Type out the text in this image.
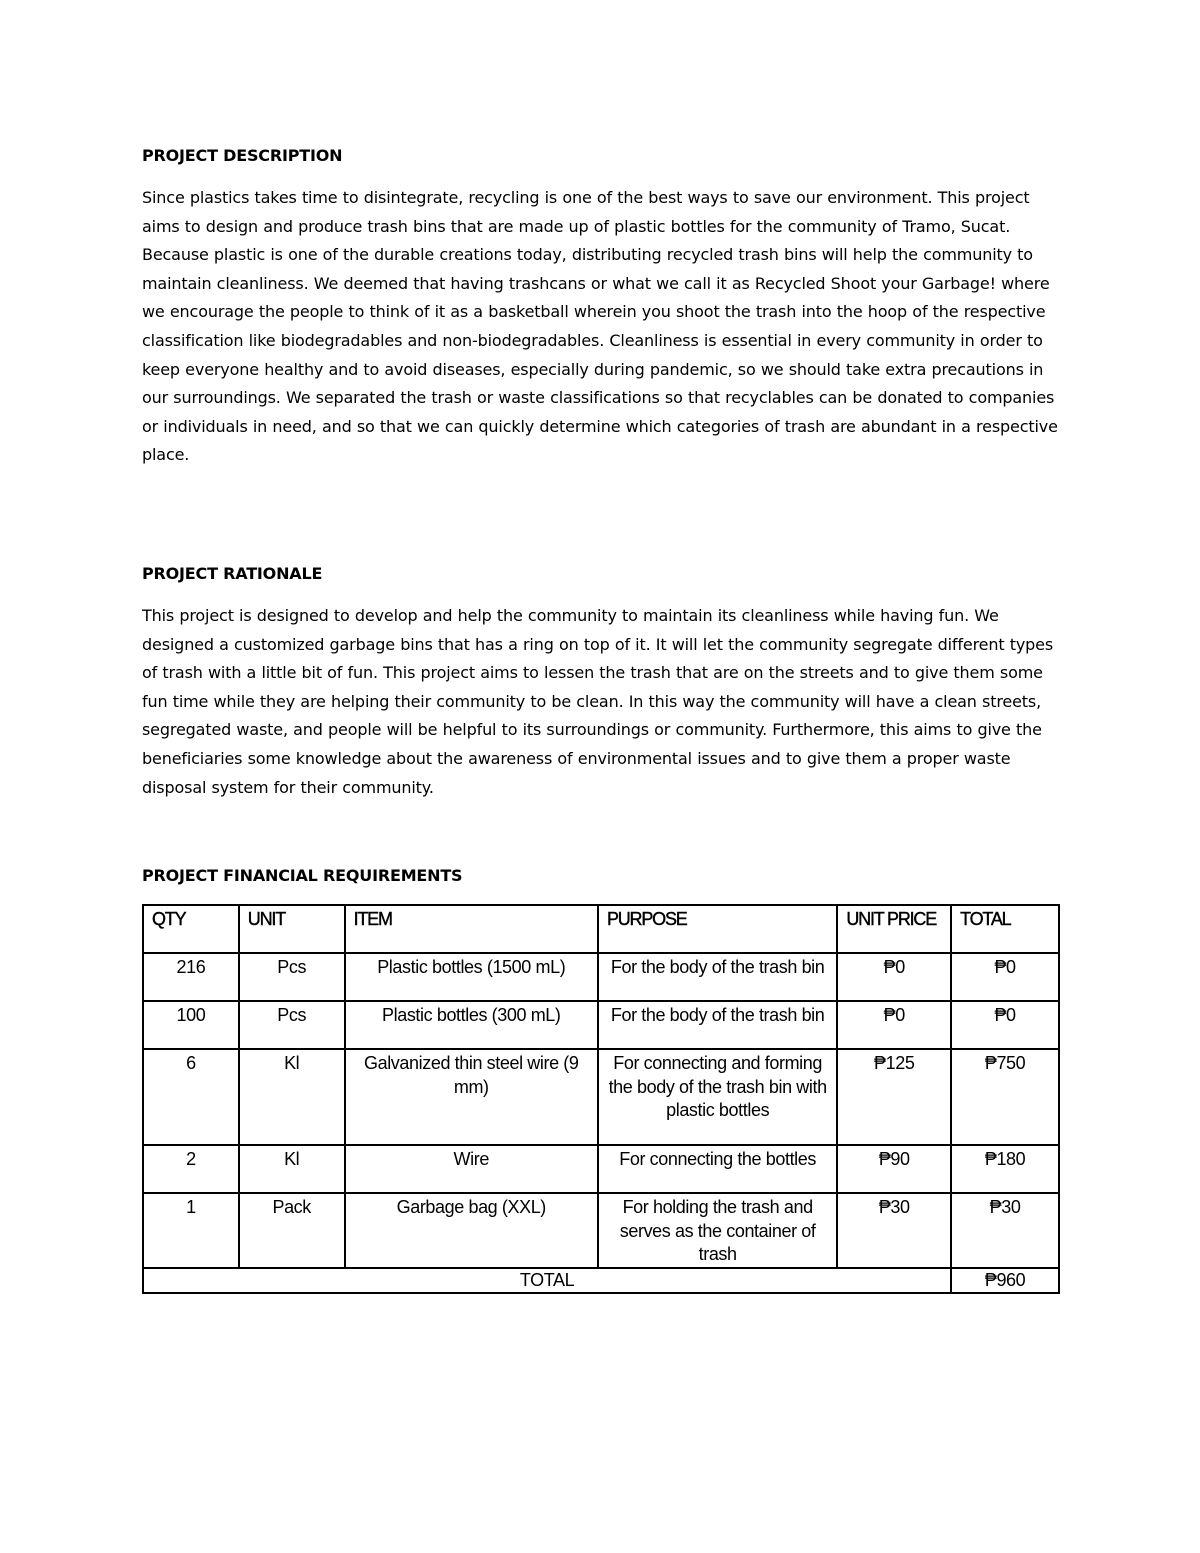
PROJECT DESCRIPTION

Since plastics takes time to disintegrate, recycling is one of the best ways to save our environment. This project aims to design and produce trash bins that are made up of plastic bottles for the community of Tramo, Sucat. Because plastic is one of the durable creations today, distributing recycled trash bins will help the community to maintain cleanliness. We deemed that having trashcans or what we call it as Recycled Shoot your Garbage! where we encourage the people to think of it as a basketball wherein you shoot the trash into the hoop of the respective classification like biodegradables and non-biodegradables. Cleanliness is essential in every community in order to keep everyone healthy and to avoid diseases, especially during pandemic, so we should take extra precautions in our surroundings. We separated the trash or waste classifications so that recyclables can be donated to companies or individuals in need, and so that we can quickly determine which categories of trash are abundant in a respective place.

PROJECT RATIONALE

This project is designed to develop and help the community to maintain its cleanliness while having fun. We designed a customized garbage bins that has a ring on top of it. It will let the community segregate different types of trash with a little bit of fun. This project aims to lessen the trash that are on the streets and to give them some fun time while they are helping their community to be clean. In this way the community will have a clean streets, segregated waste, and people will be helpful to its surroundings or community. Furthermore, this aims to give the beneficiaries some knowledge about the awareness of environmental issues and to give them a proper waste disposal system for their community.

PROJECT FINANCIAL REQUIREMENTS
QTY	UNIT	ITEM	PURPOSE	UNIT PRICE	TOTAL
216	Pcs	Plastic bottles (1500 mL)	For the body of the trash bin	₱0	₱0
100	Pcs	Plastic bottles (300 mL)	For the body of the trash bin	₱0	₱0
6	Kl	Galvanized thin steel wire (9 mm)	For connecting and forming the body of the trash bin with plastic bottles	₱125	₱750
2	Kl	Wire	For connecting the bottles	₱90	₱180
1	Pack	Garbage bag (XXL)	For holding the trash and serves as the container of trash	₱30	₱30
TOTAL					₱960
